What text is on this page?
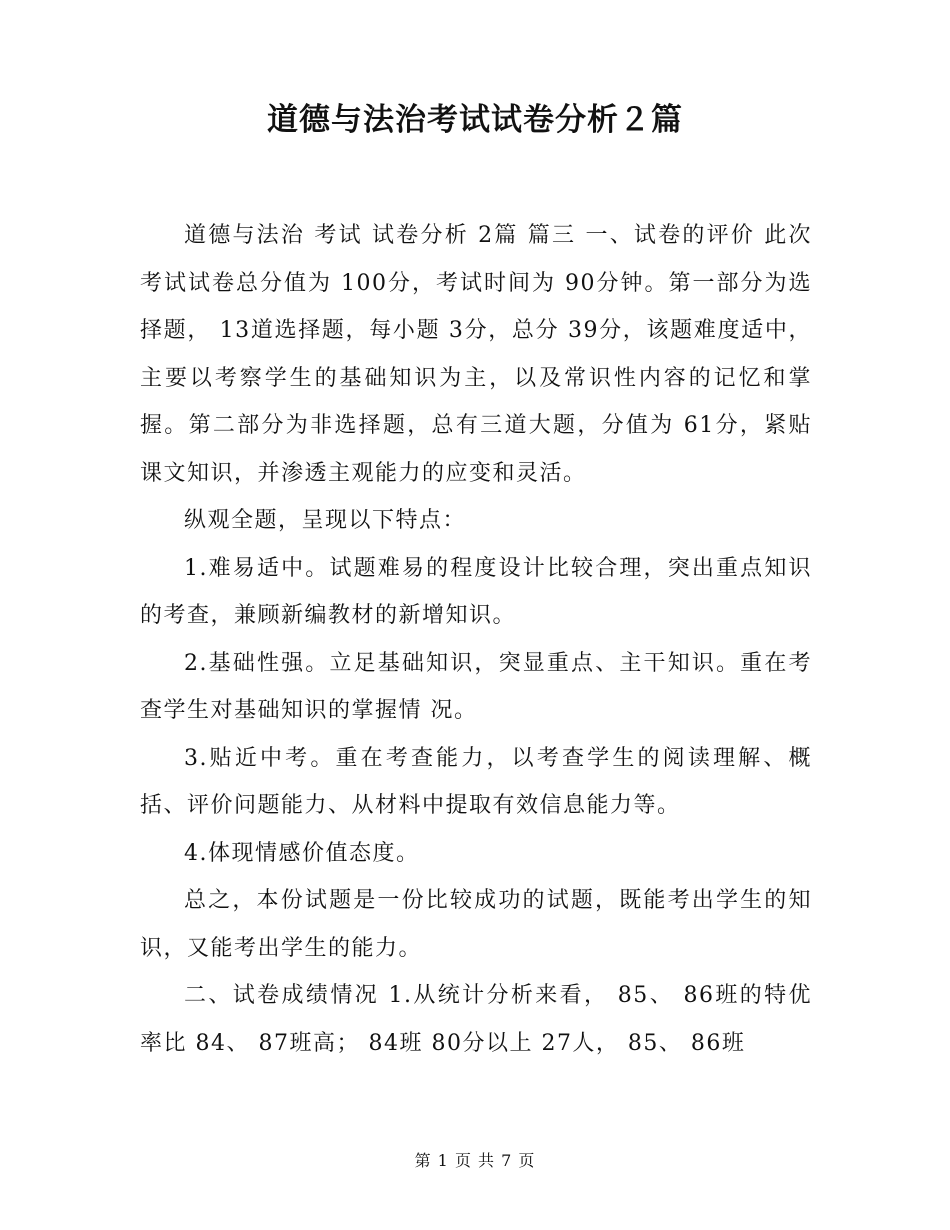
道德与法治考试试卷分析２篇

道德与法治 考试 试卷分析 2篇 篇三 一、试卷的评价 此次考试试卷总分值为 100分，考试时间为 90分钟。第一部分为选择题， 13道选择题，每小题 3分，总分 39分，该题难度适中，主要以考察学生的基础知识为主，以及常识性内容的记忆和掌握。第二部分为非选择题，总有三道大题，分值为 61分，紧贴课文知识，并渗透主观能力的应变和灵活。

纵观全题，呈现以下特点：

1.难易适中。试题难易的程度设计比较合理，突出重点知识的考查，兼顾新编教材的新增知识。

2.基础性强。立足基础知识，突显重点、主干知识。重在考查学生对基础知识的掌握情 况。

3.贴近中考。重在考查能力，以考查学生的阅读理解、概括、评价问题能力、从材料中提取有效信息能力等。

4.体现情感价值态度。

总之，本份试题是一份比较成功的试题，既能考出学生的知识，又能考出学生的能力。

二、试卷成绩情况 1.从统计分析来看， 85、 86班的特优率比 84、 87班高； 84班 80分以上 27人， 85、 86班

第 1 页 共 7 页
